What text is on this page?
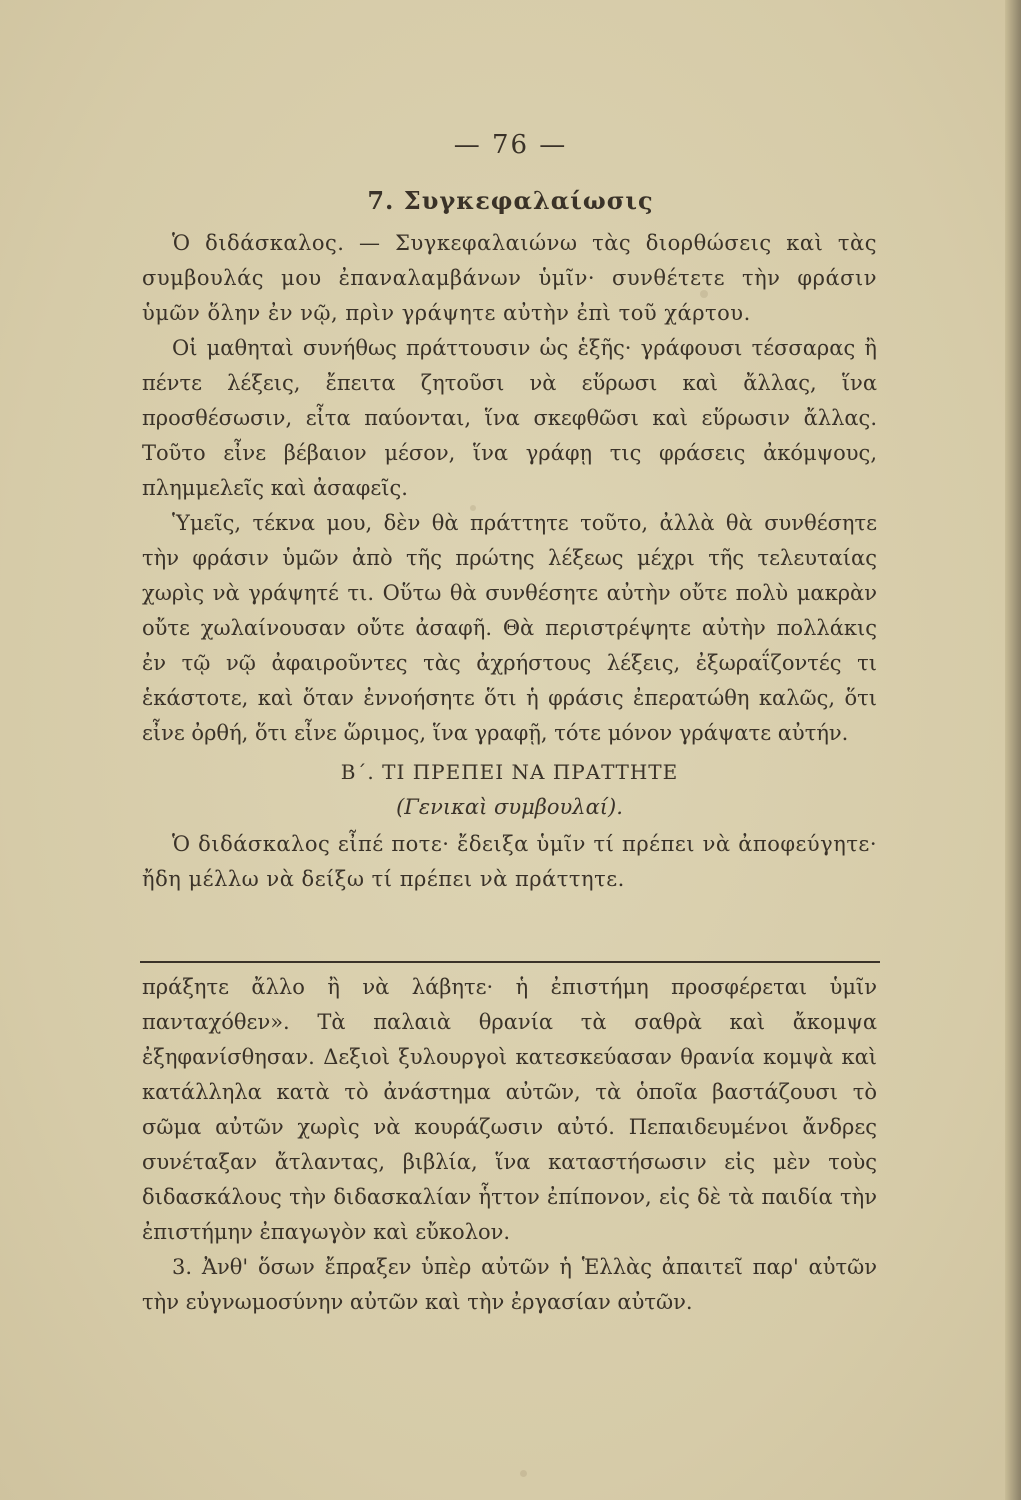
— 76 —
7. Συγκεφαλαίωσις

Ὁ διδάσκαλος. — Συγκεφαλαιώνω τὰς διορθώσεις καὶ τὰς συμβουλάς μου ἐπαναλαμβάνων ὑμῖν· συνθέτετε τὴν φράσιν ὑμῶν ὅλην ἐν νῷ, πρὶν γράψητε αὐτὴν ἐπὶ τοῦ χάρτου.

Οἱ μαθηταὶ συνήθως πράττουσιν ὡς ἑξῆς· γράφουσι τέσσαρας ἢ πέντε λέξεις, ἔπειτα ζητοῦσι νὰ εὕρωσι καὶ ἄλλας, ἵνα προσθέσωσιν, εἶτα παύονται, ἵνα σκεφθῶσι καὶ εὕρωσιν ἄλλας. Τοῦτο εἶνε βέβαιον μέσον, ἵνα γράφῃ τις φράσεις ἀκόμψους, πλημμελεῖς καὶ ἀσαφεῖς.

Ὑμεῖς, τέκνα μου, δὲν θὰ πράττητε τοῦτο, ἀλλὰ θὰ συνθέσητε τὴν φράσιν ὑμῶν ἀπὸ τῆς πρώτης λέξεως μέχρι τῆς τελευταίας χωρὶς νὰ γράψητέ τι. Οὕτω θὰ συνθέσητε αὐτὴν οὔτε πολὺ μακρὰν οὔτε χωλαίνουσαν οὔτε ἀσαφῆ. Θὰ περιστρέψητε αὐτὴν πολλάκις ἐν τῷ νῷ ἀφαιροῦντες τὰς ἀχρήστους λέξεις, ἐξωραΐζοντές τι ἑκάστοτε, καὶ ὅταν ἐννοήσητε ὅτι ἡ φράσις ἐπερατώθη καλῶς, ὅτι εἶνε ὀρθή, ὅτι εἶνε ὥριμος, ἵνα γραφῇ, τότε μόνον γράψατε αὐτήν.

Β΄. ΤΙ ΠΡΕΠΕΙ ΝΑ ΠΡΑΤΤΗΤΕ
(Γενικαὶ συμβουλαί).

Ὁ διδάσκαλος εἶπέ ποτε· ἔδειξα ὑμῖν τί πρέπει νὰ ἀποφεύγητε· ἤδη μέλλω νὰ δείξω τί πρέπει νὰ πράττητε.

πράξητε ἄλλο ἢ νὰ λάβητε· ἡ ἐπιστήμη προσφέρεται ὑμῖν πανταχόθεν». Τὰ παλαιὰ θρανία τὰ σαθρὰ καὶ ἄκομψα ἐξηφανίσθησαν. Δεξιοὶ ξυλουργοὶ κατεσκεύασαν θρανία κομψὰ καὶ κατάλληλα κατὰ τὸ ἀνάστημα αὐτῶν, τὰ ὁποῖα βαστάζουσι τὸ σῶμα αὐτῶν χωρὶς νὰ κουράζωσιν αὐτό. Πεπαιδευμένοι ἄνδρες συνέταξαν ἄτλαντας, βιβλία, ἵνα καταστήσωσιν εἰς μὲν τοὺς διδασκάλους τὴν διδασκαλίαν ἧττον ἐπίπονον, εἰς δὲ τὰ παιδία τὴν ἐπιστήμην ἐπαγωγὸν καὶ εὔκολον.

3. Ἀνθ' ὅσων ἔπραξεν ὑπὲρ αὐτῶν ἡ Ἑλλὰς ἀπαιτεῖ παρ' αὐτῶν τὴν εὐγνωμοσύνην αὐτῶν καὶ τὴν ἐργασίαν αὐτῶν.
